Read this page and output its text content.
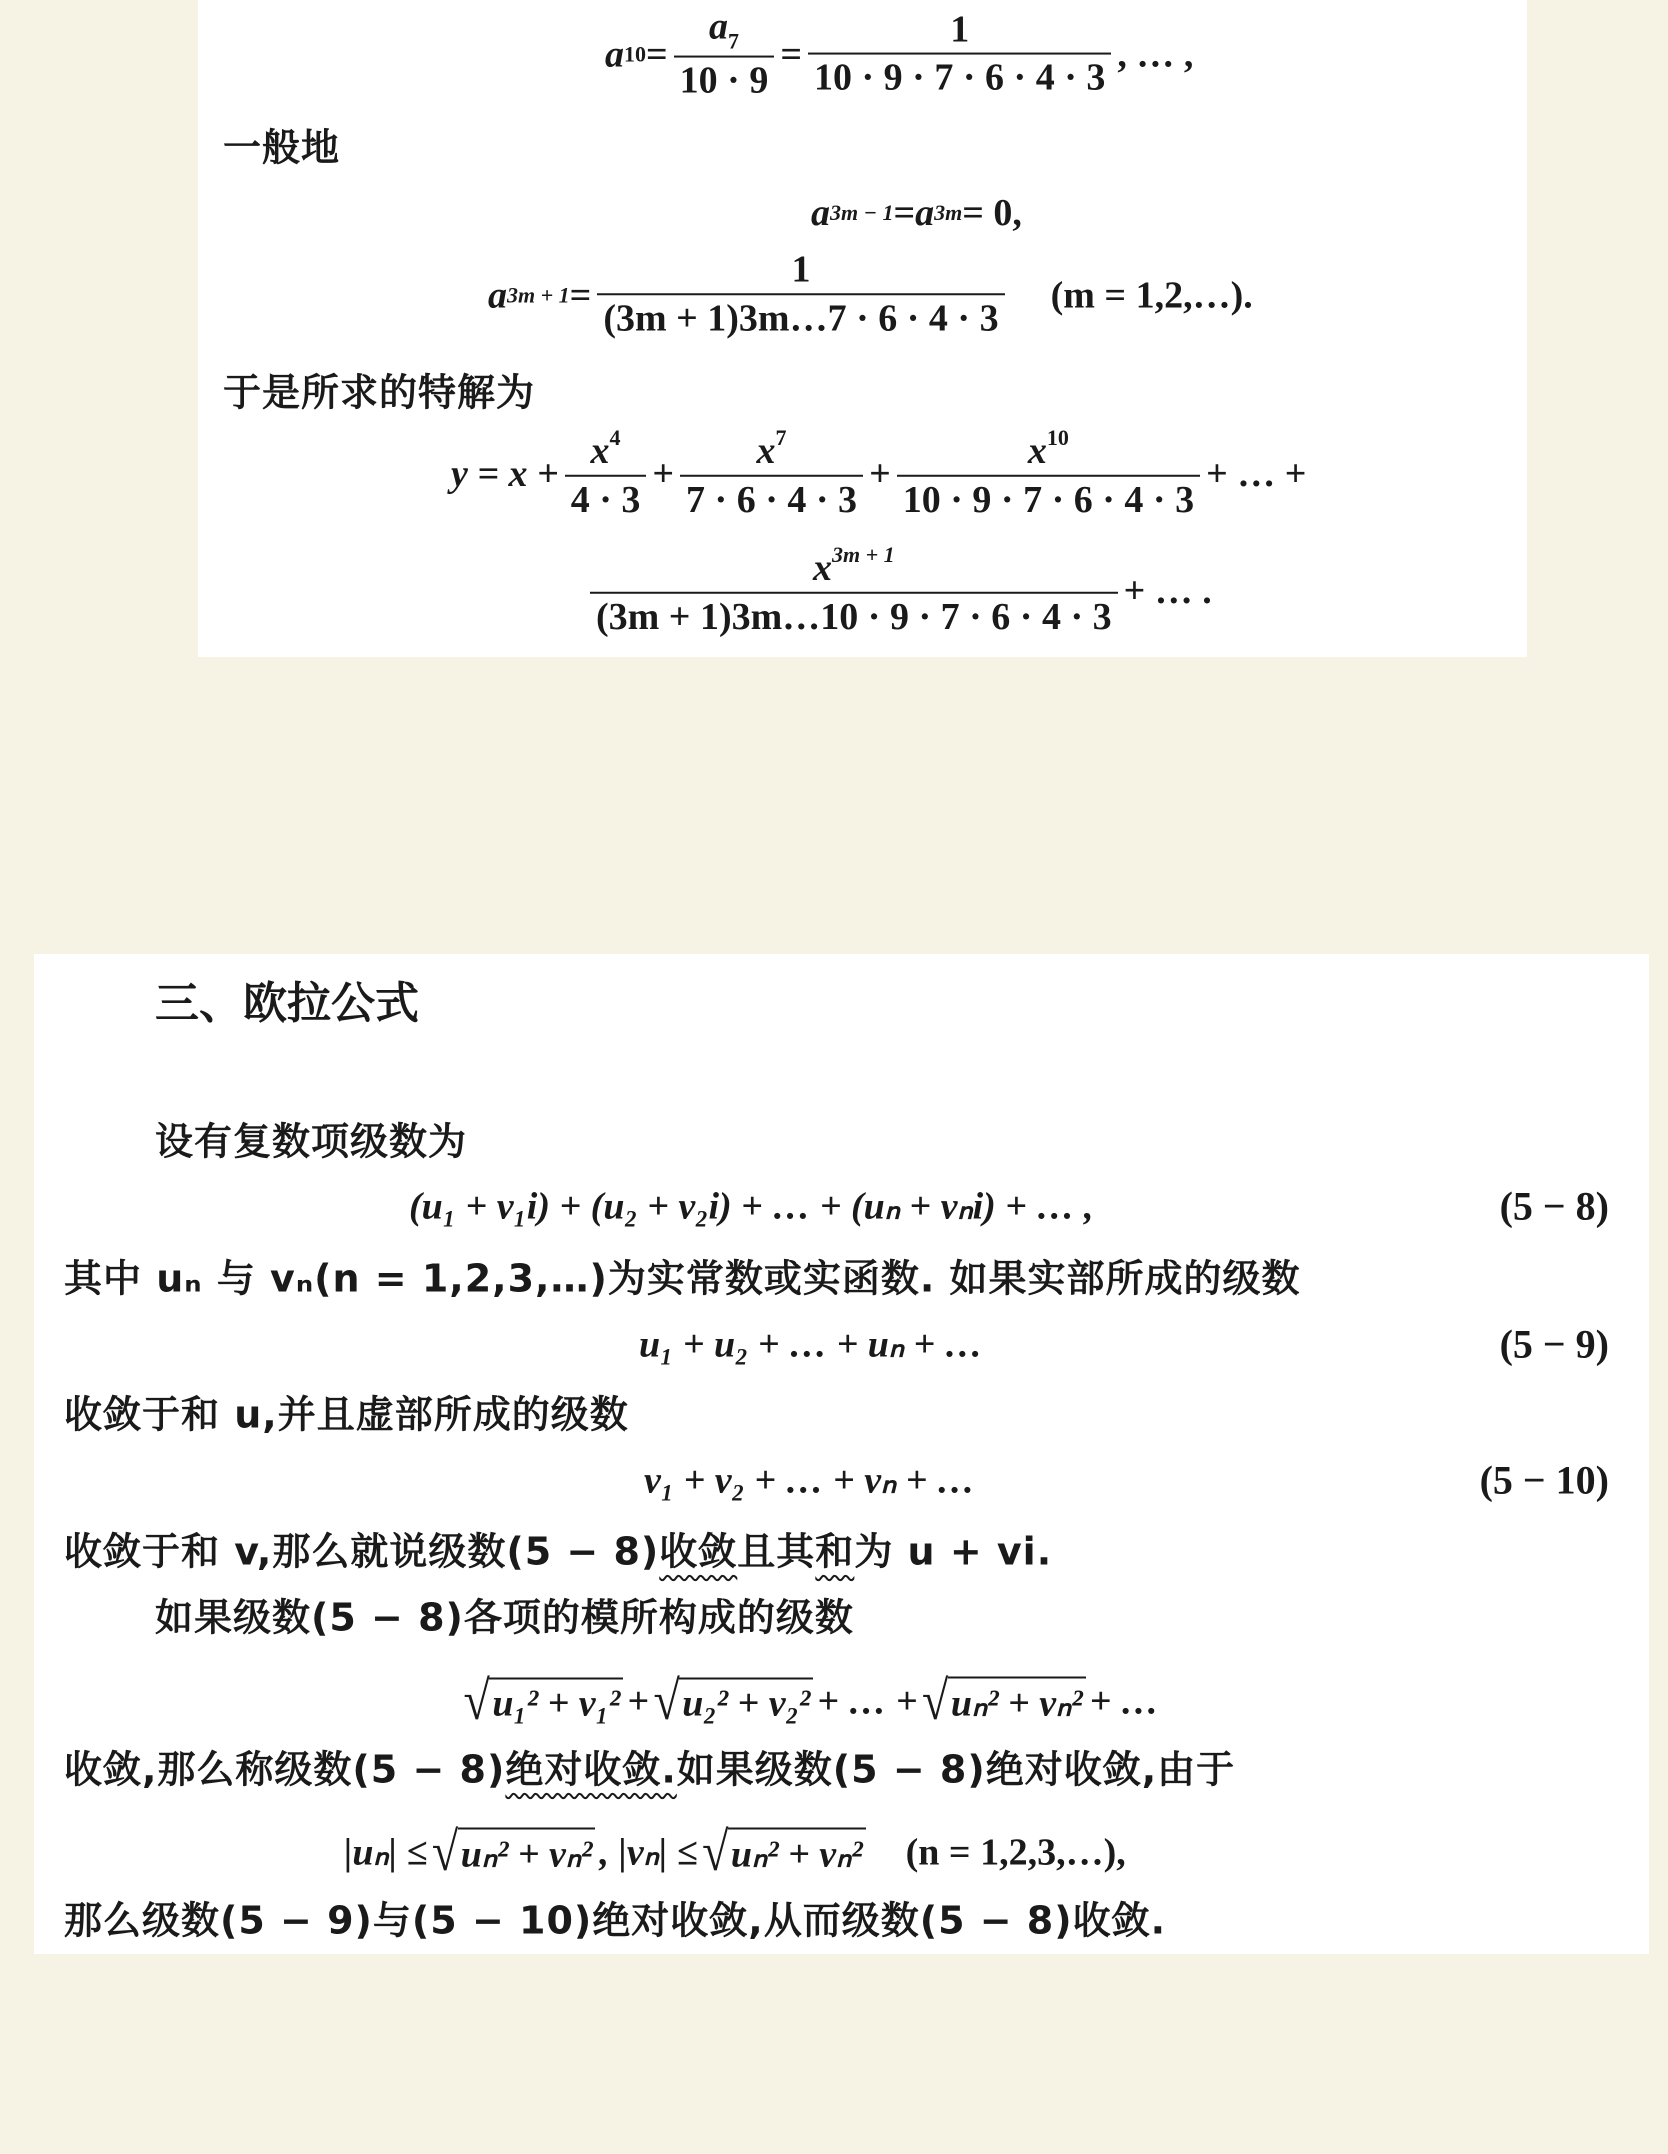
a $10 = \frac{a_7}{10 \cdot 9} = \frac{1}{10 \cdot 9 \cdot 7 \cdot 6 \cdot 4 \cdot 3}$ , … ,
一般地
a 3m − 1 = a 3m = 0,
a $3m + 1 = \frac{1}{(3m + 1)3m\dots 7 \cdot 6 \cdot 4 \cdot 3} (m$ = 1,2,…).
于是所求的特解为
$y = x + \frac{x^4}{4 \cdot 3} + \frac{x^7}{7 \cdot 6 \cdot 4 \cdot 3} + \frac{x^{10}}{10 \cdot 9 \cdot 7 \cdot 6 \cdot 4 \cdot 3}$ + … +
$\frac{x^{3m + 1}}{(3m + 1)3m\dots 10 \cdot 9 \cdot 7 \cdot 6 \cdot 4 \cdot 3}$ + … .
三、欧拉公式
设有复数项级数为
(u₁ + v₁i) + (u₂ + v₂i) + … + (uₙ + vₙi) + … ,	(5 − 8)
其中 uₙ 与 vₙ(n = 1,2,3,…)为实常数或实函数. 如果实部所成的级数
u₁ + u₂ + … + uₙ + …	(5 − 9)
收敛于和 u,并且虚部所成的级数
v₁ + v₂ + … + vₙ + …	(5 − 10)
收敛于和 v,那么就说级数(5 − 8) 收敛 且其 和 为 u + vi.
如果级数(5 − 8)各项的模所构成的级数
√ u₁² + v₁² + √ u₂² + v₂² + … + √ uₙ² + vₙ² + …
收敛,那么称级数(5 − 8) 绝对收敛. 如果级数(5 − 8)绝对收敛,由于
|uₙ| ≤ √ uₙ² + vₙ² , |vₙ| ≤ √ uₙ² + vₙ² (n = 1,2,3,…),
那么级数(5 − 9)与(5 − 10)绝对收敛,从而级数(5 − 8)收敛.
